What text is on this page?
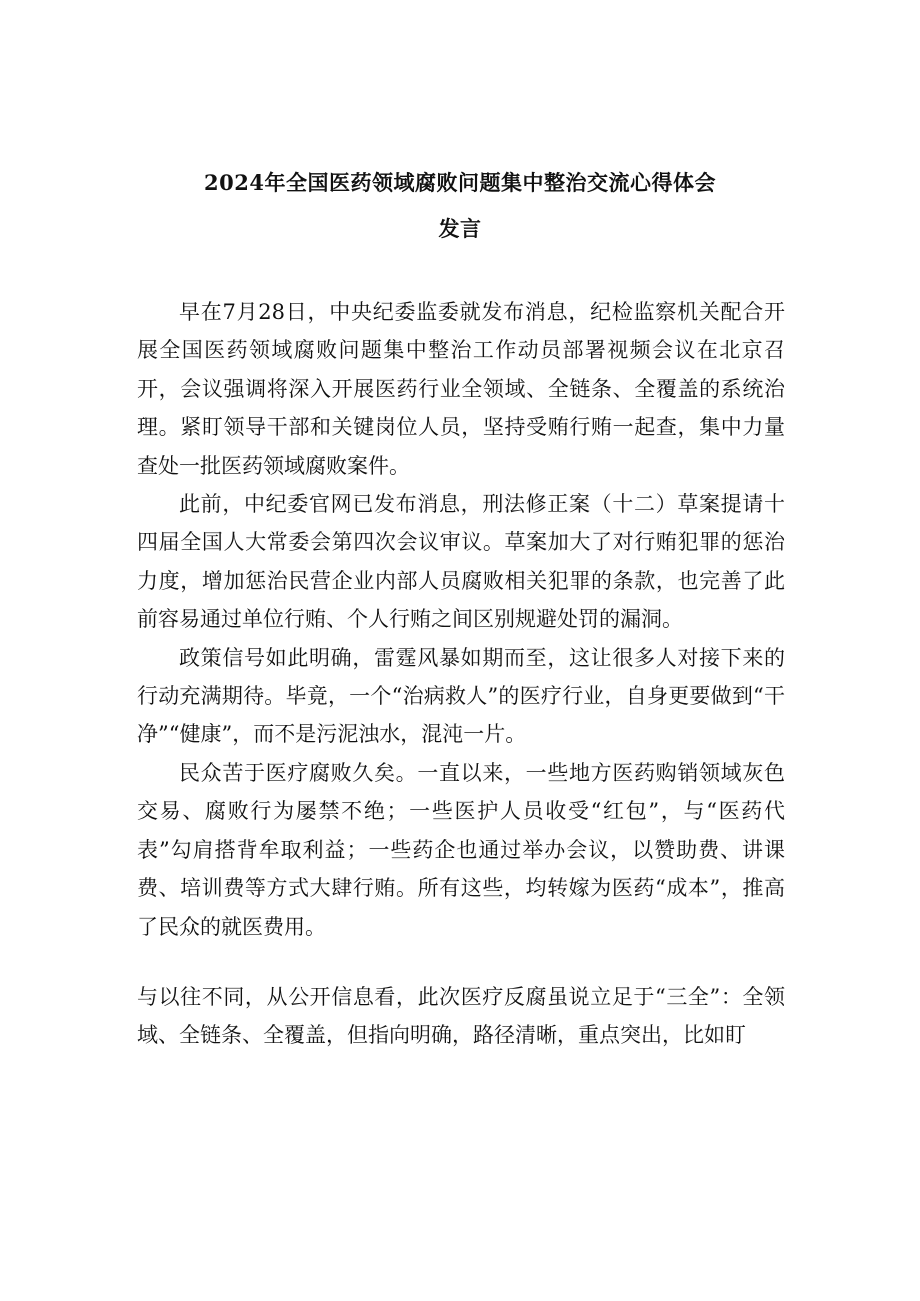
2024年全国医药领域腐败问题集中整治交流心得体会
发言

早在7月28日，中央纪委监委就发布消息，纪检监察机关配合开展全国医药领域腐败问题集中整治工作动员部署视频会议在北京召开，会议强调将深入开展医药行业全领域、全链条、全覆盖的系统治理。紧盯领导干部和关键岗位人员，坚持受贿行贿一起查，集中力量查处一批医药领域腐败案件。

此前，中纪委官网已发布消息，刑法修正案（十二）草案提请十四届全国人大常委会第四次会议审议。草案加大了对行贿犯罪的惩治力度，增加惩治民营企业内部人员腐败相关犯罪的条款，也完善了此前容易通过单位行贿、个人行贿之间区别规避处罚的漏洞。

政策信号如此明确，雷霆风暴如期而至，这让很多人对接下来的行动充满期待。毕竟，一个“治病救人”的医疗行业，自身更要做到“干净”“健康”，而不是污泥浊水，混沌一片。

民众苦于医疗腐败久矣。一直以来，一些地方医药购销领域灰色交易、腐败行为屡禁不绝；一些医护人员收受“红包”，与“医药代表”勾肩搭背牟取利益；一些药企也通过举办会议，以赞助费、讲课费、培训费等方式大肆行贿。所有这些，均转嫁为医药“成本”，推高了民众的就医费用。

与以往不同，从公开信息看，此次医疗反腐虽说立足于“三全”：全领域、全链条、全覆盖，但指向明确，路径清晰，重点突出，比如盯
